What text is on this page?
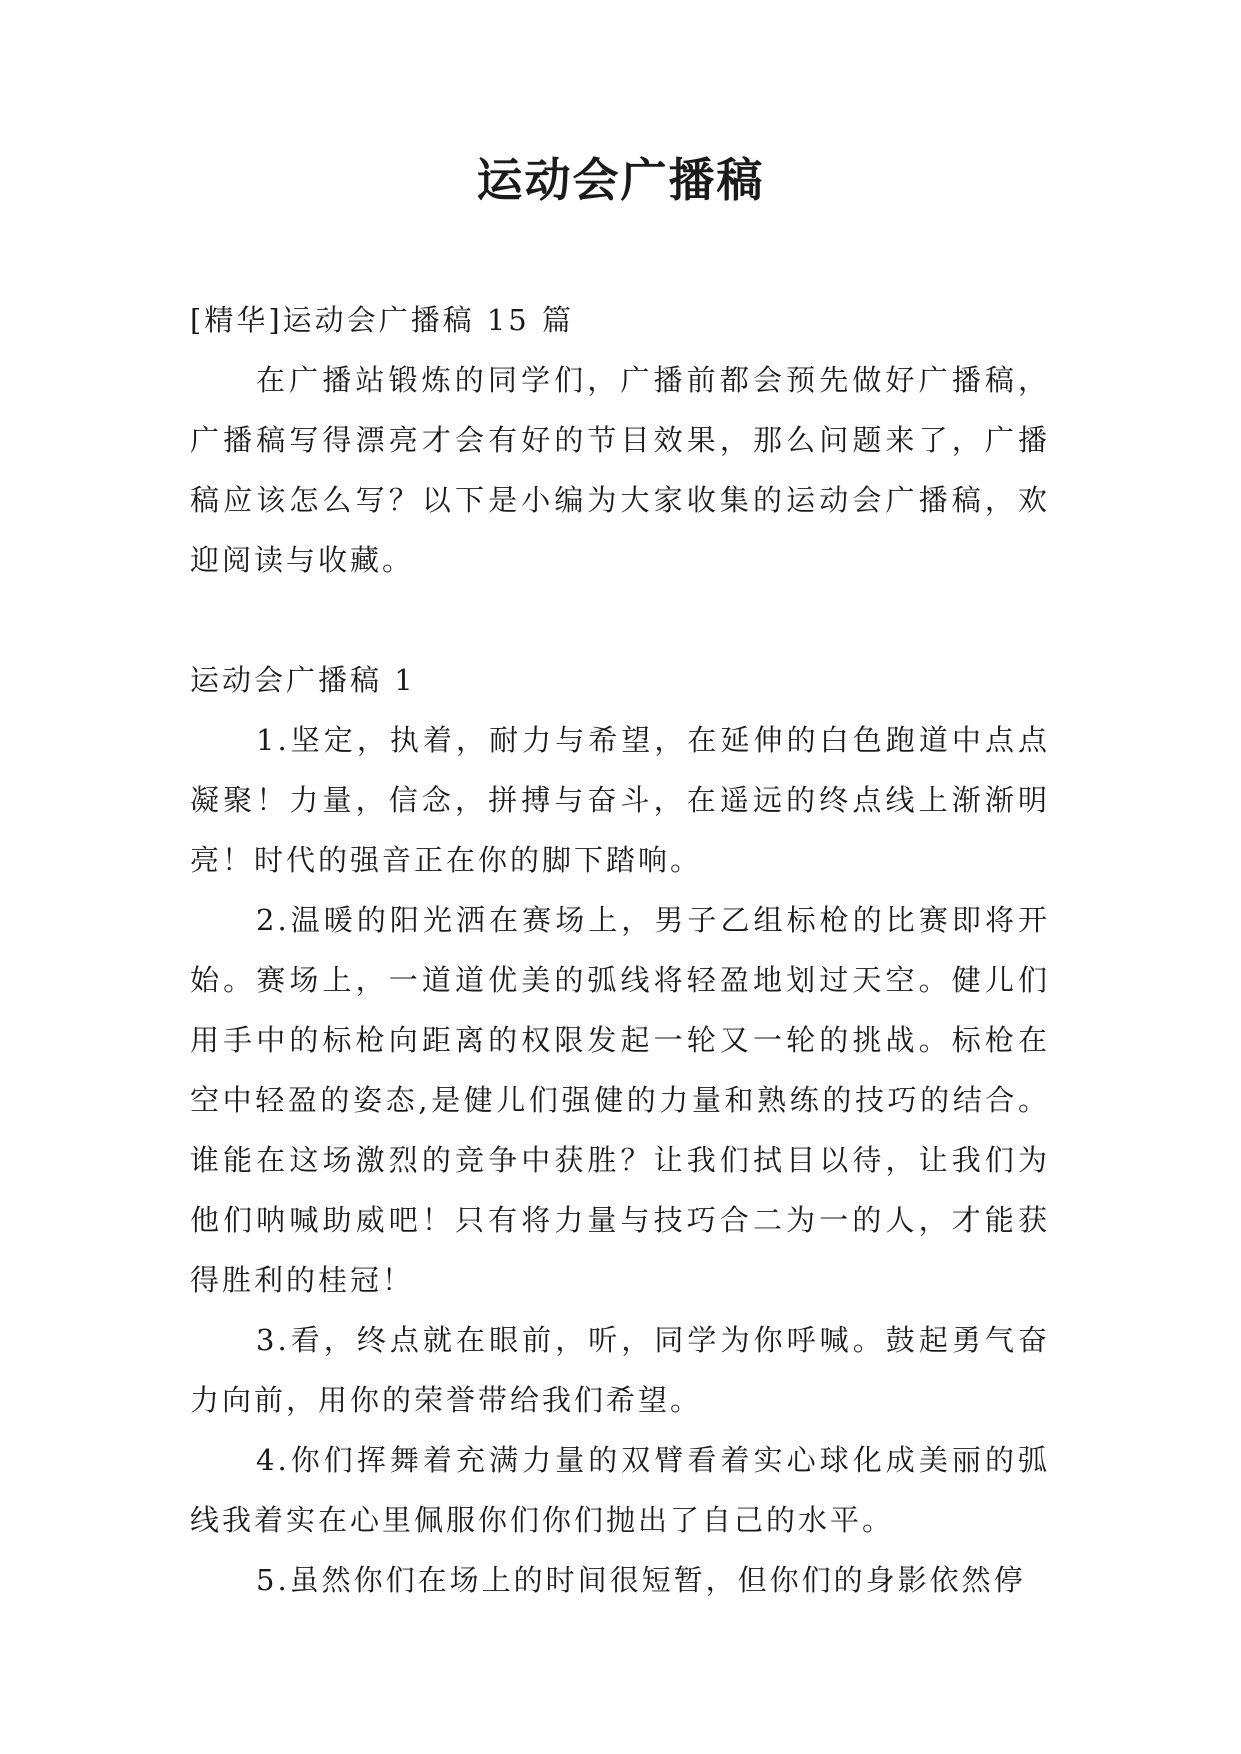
运动会广播稿

[精华]运动会广播稿 15 篇

在广播站锻炼的同学们，广播前都会预先做好广播稿，广播稿写得漂亮才会有好的节目效果，那么问题来了，广播稿应该怎么写？以下是小编为大家收集的运动会广播稿，欢迎阅读与收藏。

运动会广播稿 1

1.坚定，执着，耐力与希望，在延伸的白色跑道中点点凝聚！力量，信念，拼搏与奋斗，在遥远的终点线上渐渐明亮！时代的强音正在你的脚下踏响。

2.温暖的阳光洒在赛场上，男子乙组标枪的比赛即将开始。赛场上，一道道优美的弧线将轻盈地划过天空。健儿们用手中的标枪向距离的权限发起一轮又一轮的挑战。标枪在空中轻盈的姿态,是健儿们强健的力量和熟练的技巧的结合。谁能在这场激烈的竞争中获胜？让我们拭目以待，让我们为他们呐喊助威吧！只有将力量与技巧合二为一的人，才能获得胜利的桂冠！

3.看，终点就在眼前，听，同学为你呼喊。鼓起勇气奋力向前，用你的荣誉带给我们希望。

4.你们挥舞着充满力量的双臂看着实心球化成美丽的弧线我着实在心里佩服你们你们抛出了自己的水平。

5.虽然你们在场上的时间很短暂，但你们的身影依然停
